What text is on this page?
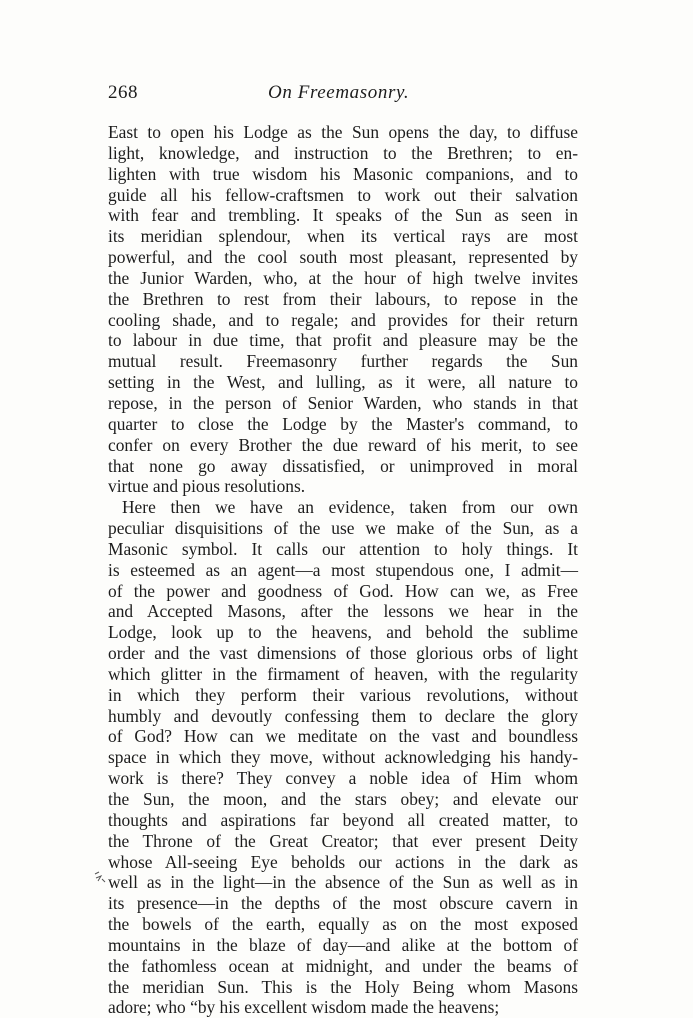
268	On Freemasonry.
East to open his Lodge as the Sun opens the day, to diffuse
light, knowledge, and instruction to the Brethren; to en-
lighten with true wisdom his Masonic companions, and to
guide all his fellow-craftsmen to work out their salvation
with fear and trembling. It speaks of the Sun as seen in
its meridian splendour, when its vertical rays are most
powerful, and the cool south most pleasant, represented by
the Junior Warden, who, at the hour of high twelve invites
the Brethren to rest from their labours, to repose in the
cooling shade, and to regale; and provides for their return
to labour in due time, that profit and pleasure may be the
mutual result. Freemasonry further regards the Sun
setting in the West, and lulling, as it were, all nature to
repose, in the person of Senior Warden, who stands in that
quarter to close the Lodge by the Master's command, to
confer on every Brother the due reward of his merit, to see
that none go away dissatisfied, or unimproved in moral
virtue and pious resolutions.
Here then we have an evidence, taken from our own
peculiar disquisitions of the use we make of the Sun, as a
Masonic symbol. It calls our attention to holy things. It
is esteemed as an agent—a most stupendous one, I admit—
of the power and goodness of God. How can we, as Free
and Accepted Masons, after the lessons we hear in the
Lodge, look up to the heavens, and behold the sublime
order and the vast dimensions of those glorious orbs of light
which glitter in the firmament of heaven, with the regularity
in which they perform their various revolutions, without
humbly and devoutly confessing them to declare the glory
of God? How can we meditate on the vast and boundless
space in which they move, without acknowledging his handy-
work is there? They convey a noble idea of Him whom
the Sun, the moon, and the stars obey; and elevate our
thoughts and aspirations far beyond all created matter, to
the Throne of the Great Creator; that ever present Deity
whose All-seeing Eye beholds our actions in the dark as
well as in the light—in the absence of the Sun as well as in
its presence—in the depths of the most obscure cavern in
the bowels of the earth, equally as on the most exposed
mountains in the blaze of day—and alike at the bottom of
the fathomless ocean at midnight, and under the beams of
the meridian Sun. This is the Holy Being whom Masons
adore; who “by his excellent wisdom made the heavens;
